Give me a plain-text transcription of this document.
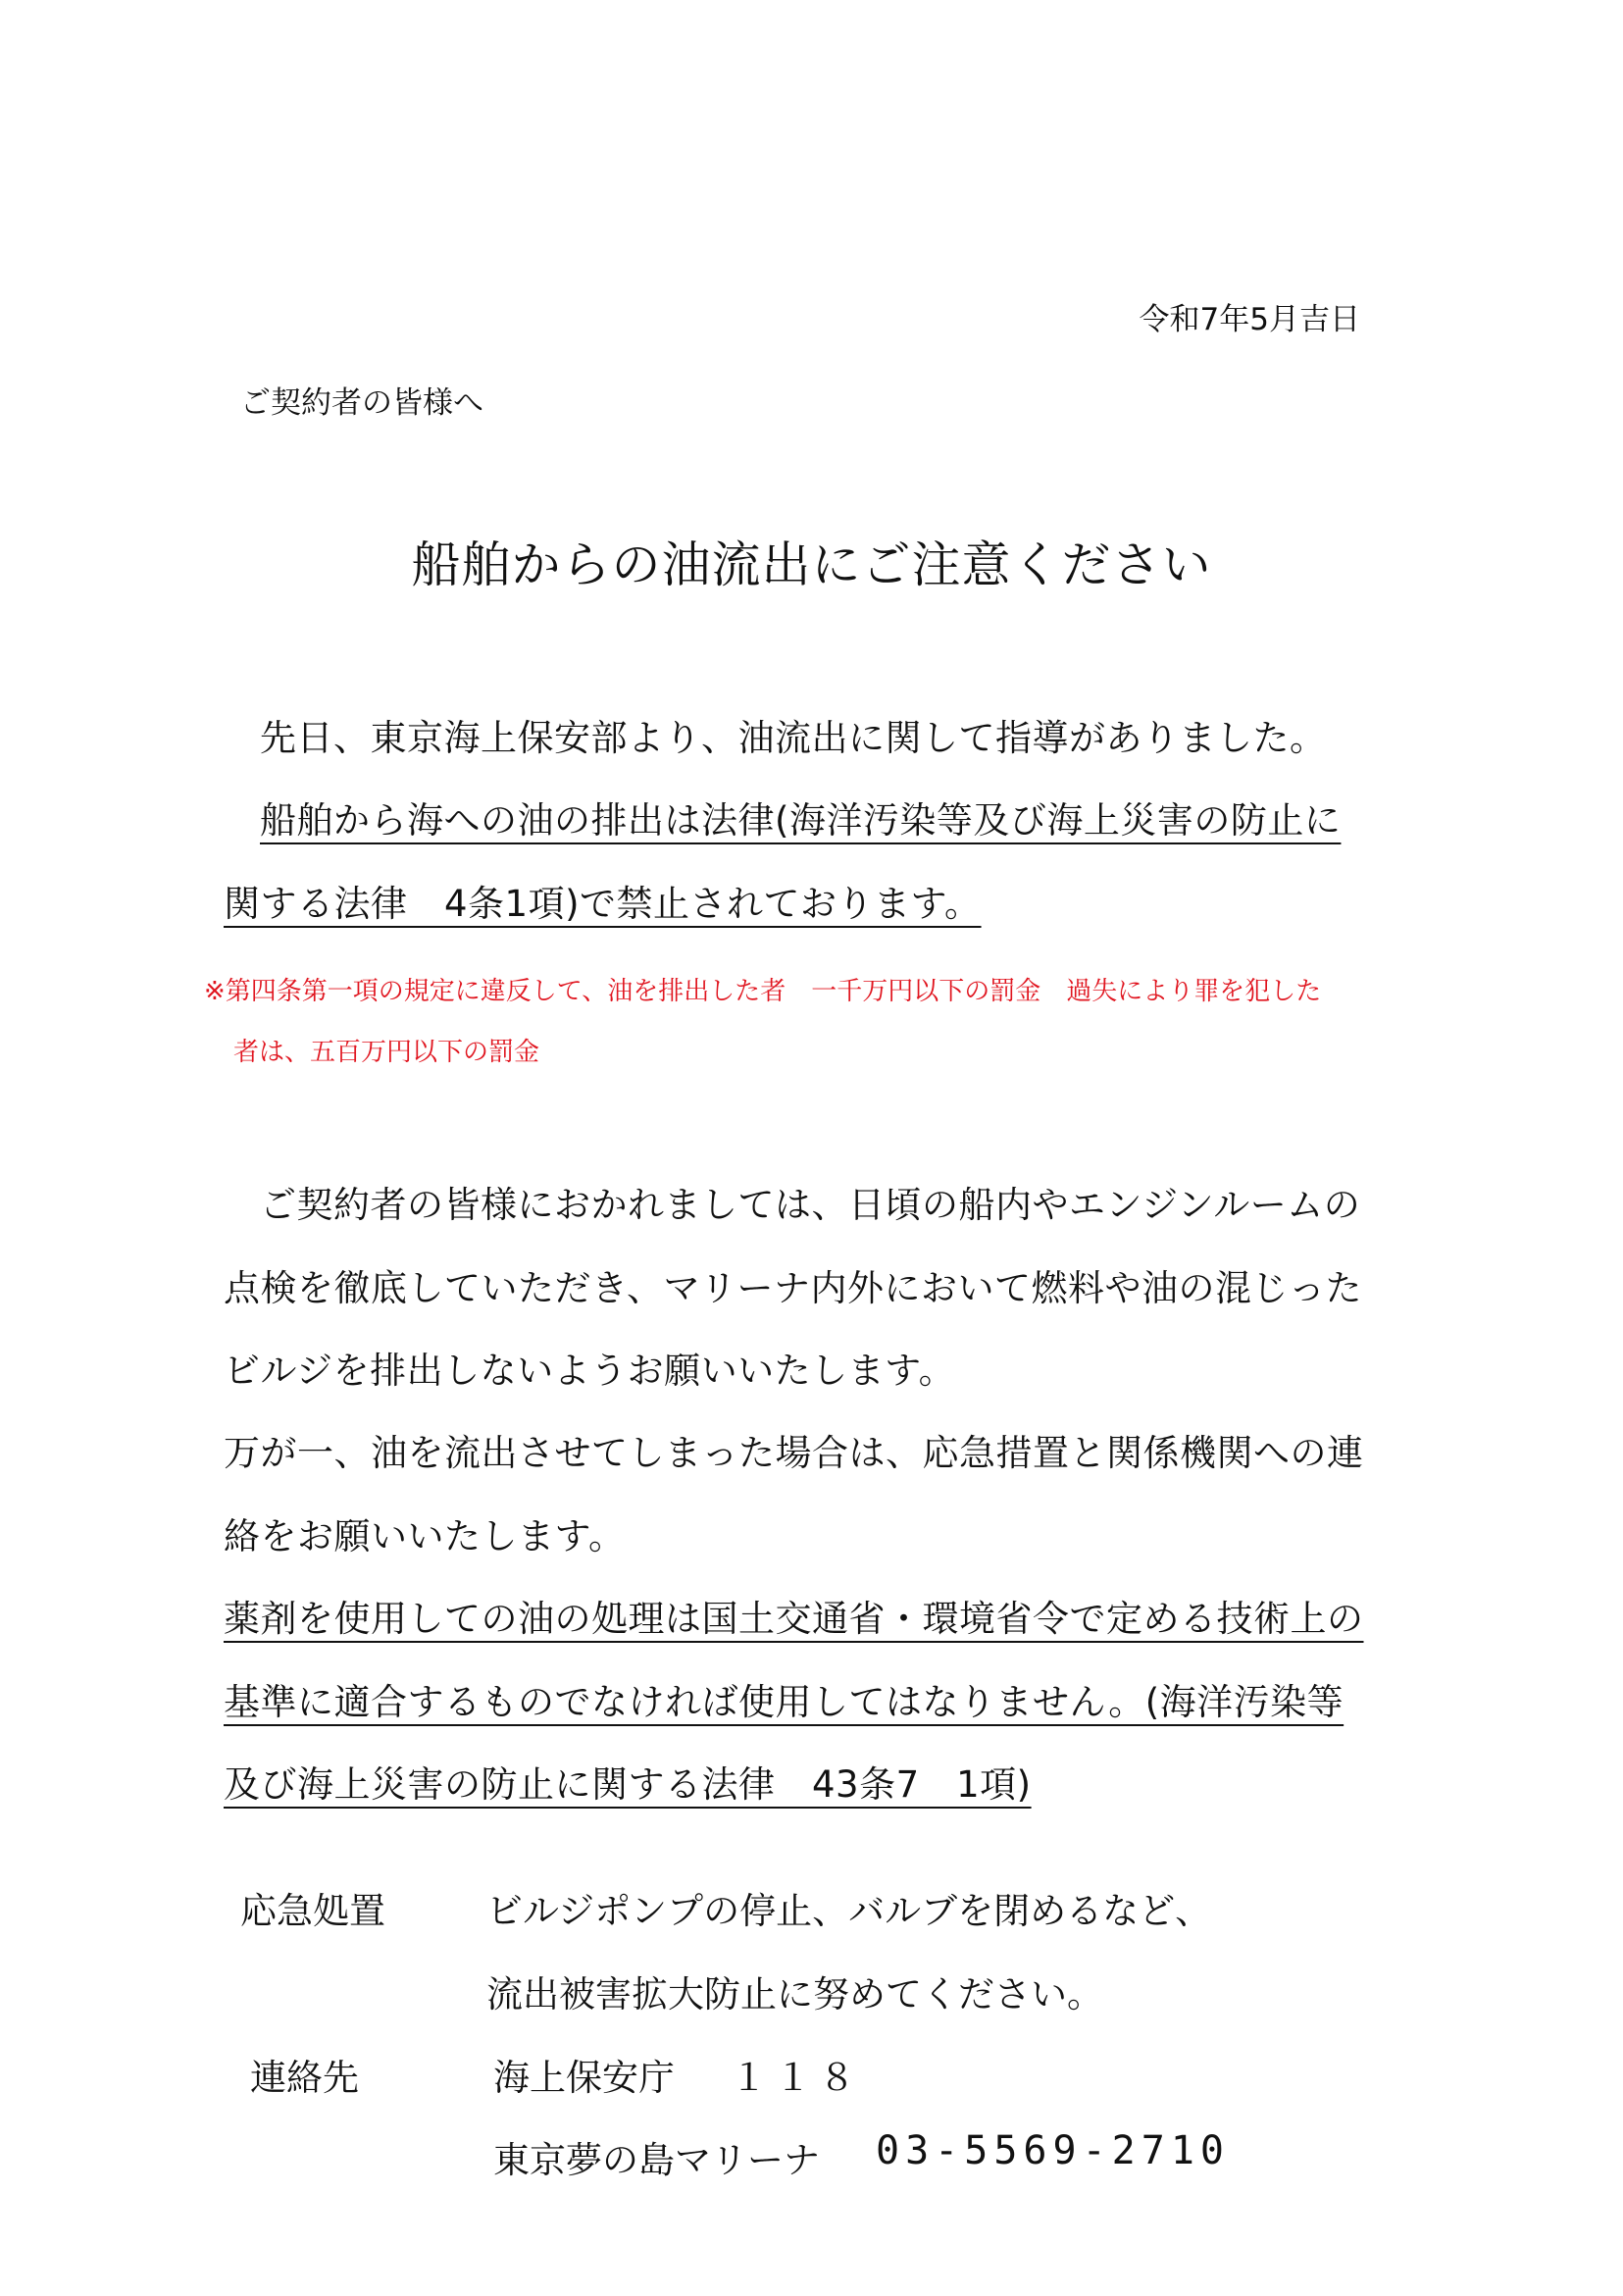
令和7年5月吉日
ご契約者の皆様へ
船舶からの油流出にご注意ください
先日、東京海上保安部より、油流出に関して指導がありました。
船舶から海への油の排出は法律(海洋汚染等及び海上災害の防止に
関する法律　4条1項)で禁止されております。
※第四条第一項の規定に違反して、油を排出した者　一千万円以下の罰金　過失により罪を犯した
者は、五百万円以下の罰金
ご契約者の皆様におかれましては、日頃の船内やエンジンルームの
点検を徹底していただき、マリーナ内外において燃料や油の混じった
ビルジを排出しないようお願いいたします。
万が一、油を流出させてしまった場合は、応急措置と関係機関への連
絡をお願いいたします。
薬剤を使用しての油の処理は国土交通省・環境省令で定める技術上の
基準に適合するものでなければ使用してはなりません。(海洋汚染等
及び海上災害の防止に関する法律　43条7　1項)
応急処置	ビルジポンプの停止、バルブを閉めるなど、
流出被害拡大防止に努めてください。
連絡先	海上保安庁 １１８
東京夢の島マリーナ 03-5569-2710
